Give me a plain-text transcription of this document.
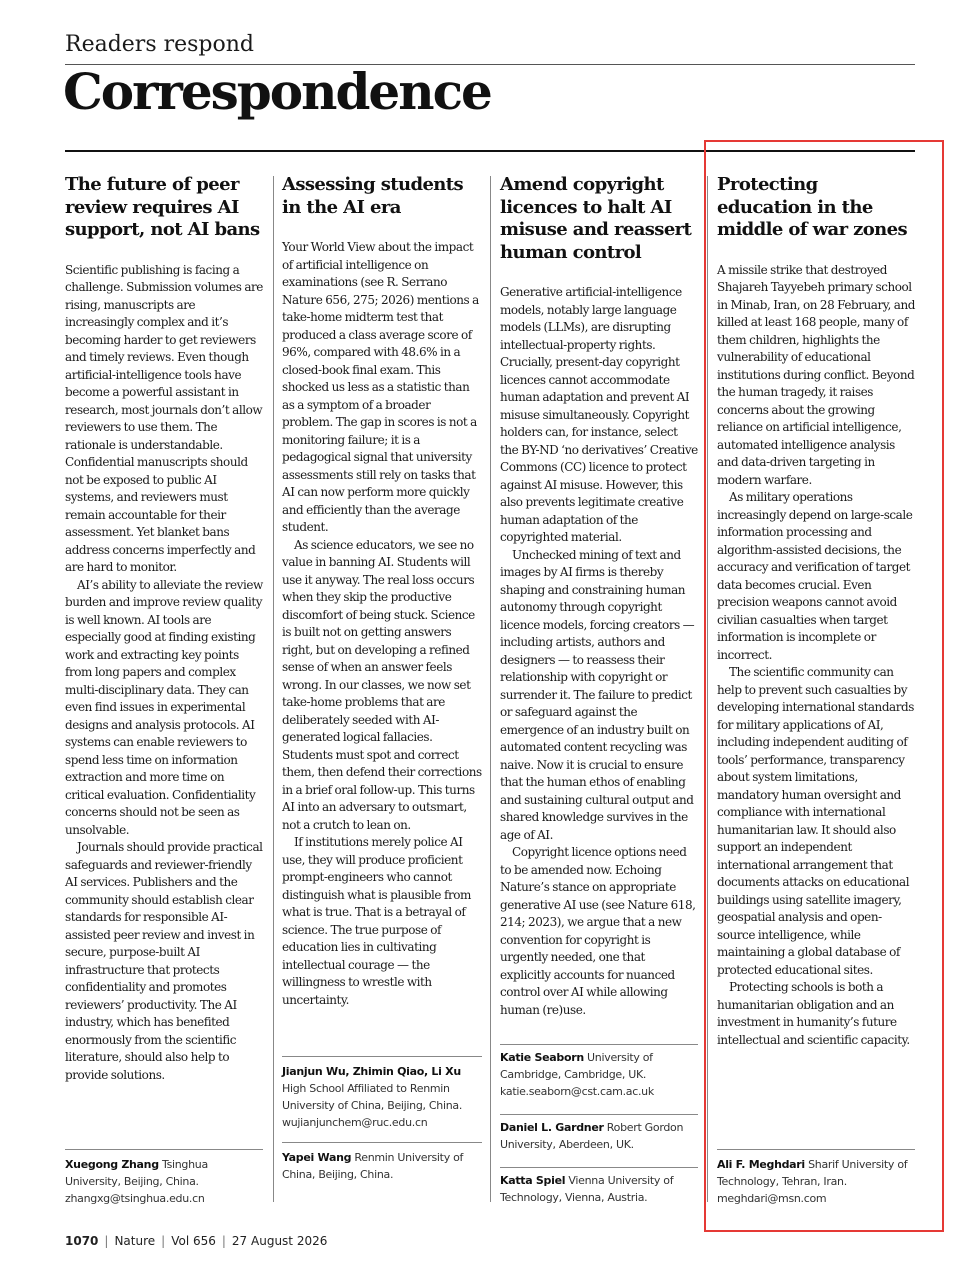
Readers respond
Correspondence
The future of peer review requires AI support, not AI bans

Scientific publishing is facing a challenge. Submission volumes are rising, manuscripts are increasingly complex and it’s becoming harder to get reviewers and timely reviews. Even though artificial-intelligence tools have become a powerful assistant in research, most journals don’t allow reviewers to use them. The rationale is understandable. Confidential manuscripts should not be exposed to public AI systems, and reviewers must remain accountable for their assessment. Yet blanket bans address concerns imperfectly and are hard to monitor.

AI’s ability to alleviate the review burden and improve review quality is well known. AI tools are especially good at finding existing work and extracting key points from long papers and complex multi-disciplinary data. They can even find issues in experimental designs and analysis protocols. AI systems can enable reviewers to spend less time on information extraction and more time on critical evaluation. Confidentiality concerns should not be seen as unsolvable.

Journals should provide practical safeguards and reviewer-friendly AI services. Publishers and the community should establish clear standards for responsible AI-assisted peer review and invest in secure, purpose-built AI infrastructure that protects confidentiality and promotes reviewers’ productivity. The AI industry, which has benefited enormously from the scientific literature, should also help to provide solutions.

Xuegong Zhang Tsinghua University, Beijing, China.
zhangxg@tsinghua.edu.cn
Assessing students in the AI era

Your World View about the impact of artificial intelligence on examinations (see R. Serrano Nature 656, 275; 2026) mentions a take-home midterm test that produced a class average score of 96%, compared with 48.6% in a closed-book final exam. This shocked us less as a statistic than as a symptom of a broader problem. The gap in scores is not a monitoring failure; it is a pedagogical signal that university assessments still rely on tasks that AI can now perform more quickly and efficiently than the average student.

As science educators, we see no value in banning AI. Students will use it anyway. The real loss occurs when they skip the productive discomfort of being stuck. Science is built not on getting answers right, but on developing a refined sense of when an answer feels wrong. In our classes, we now set take-home problems that are deliberately seeded with AI-generated logical fallacies. Students must spot and correct them, then defend their corrections in a brief oral follow-up. This turns AI into an adversary to outsmart, not a crutch to lean on.

If institutions merely police AI use, they will produce proficient prompt-engineers who cannot distinguish what is plausible from what is true. That is a betrayal of science. The true purpose of education lies in cultivating intellectual courage — the willingness to wrestle with uncertainty.

Jianjun Wu, Zhimin Qiao, Li Xu High School Affiliated to Renmin University of China, Beijing, China.
wujianjunchem@ruc.edu.cn
Yapei Wang Renmin University of China, Beijing, China.
Amend copyright licences to halt AI misuse and reassert human control

Generative artificial-intelligence models, notably large language models (LLMs), are disrupting intellectual-property rights. Crucially, present-day copyright licences cannot accommodate human adaptation and prevent AI misuse simultaneously. Copyright holders can, for instance, select the BY-ND ‘no derivatives’ Creative Commons (CC) licence to protect against AI misuse. However, this also prevents legitimate creative human adaptation of the copyrighted material.

Unchecked mining of text and images by AI firms is thereby shaping and constraining human autonomy through copyright licence models, forcing creators — including artists, authors and designers — to reassess their relationship with copyright or surrender it. The failure to predict or safeguard against the emergence of an industry built on automated content recycling was naive. Now it is crucial to ensure that the human ethos of enabling and sustaining cultural output and shared knowledge survives in the age of AI.

Copyright licence options need to be amended now. Echoing Nature’s stance on appropriate generative AI use (see Nature 618, 214; 2023), we argue that a new convention for copyright is urgently needed, one that explicitly accounts for nuanced control over AI while allowing human (re)use.

Katie Seaborn University of Cambridge, Cambridge, UK.
katie.seaborn@cst.cam.ac.uk
Daniel L. Gardner Robert Gordon University, Aberdeen, UK.
Katta Spiel Vienna University of Technology, Vienna, Austria.
Protecting education in the middle of war zones

A missile strike that destroyed Shajareh Tayyebeh primary school in Minab, Iran, on 28 February, and killed at least 168 people, many of them children, highlights the vulnerability of educational institutions during conflict. Beyond the human tragedy, it raises concerns about the growing reliance on artificial intelligence, automated intelligence analysis and data-driven targeting in modern warfare.

As military operations increasingly depend on large-scale information processing and algorithm-assisted decisions, the accuracy and verification of target data becomes crucial. Even precision weapons cannot avoid civilian casualties when target information is incomplete or incorrect.

The scientific community can help to prevent such casualties by developing international standards for military applications of AI, including independent auditing of tools’ performance, transparency about system limitations, mandatory human oversight and compliance with international humanitarian law. It should also support an independent international arrangement that documents attacks on educational buildings using satellite imagery, geospatial analysis and open-source intelligence, while maintaining a global database of protected educational sites.

Protecting schools is both a humanitarian obligation and an investment in humanity’s future intellectual and scientific capacity.

Ali F. Meghdari Sharif University of Technology, Tehran, Iran.
meghdari@msn.com
1070 | Nature | Vol 656 | 27 August 2026
